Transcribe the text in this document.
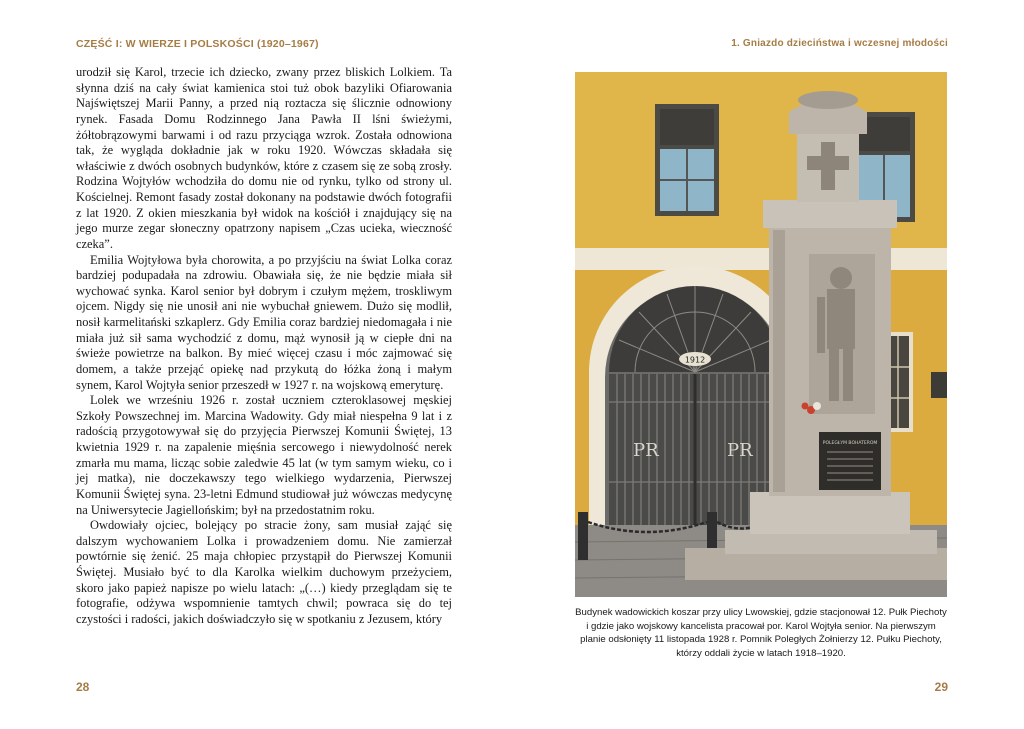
CZĘŚĆ I: W WIERZE I POLSKOŚCI (1920–1967)	1. Gniazdo dzieciństwa i wczesnej młodości

urodził się Karol, trzecie ich dziecko, zwany przez bliskich Lolkiem. Ta słynna dziś na cały świat kamienica stoi tuż obok bazyliki Ofiarowania Najświętszej Marii Panny, a przed nią roztacza się ślicznie odnowiony rynek. Fasada Domu Rodzinnego Jana Pawła II lśni świeżymi, żółtobrązowymi barwami i od razu przyciąga wzrok. Została odnowiona tak, że wygląda dokładnie jak w roku 1920. Wówczas składała się właściwie z dwóch osobnych budynków, które z czasem się ze sobą zrosły. Rodzina Wojtyłów wchodziła do domu nie od rynku, tylko od strony ul. Kościelnej. Remont fasady został dokonany na podstawie dwóch fotografii z lat 1920. Z okien mieszkania był widok na kościół i znajdujący się na jego murze zegar słoneczny opatrzony napisem „Czas ucieka, wieczność czeka”.

Emilia Wojtyłowa była chorowita, a po przyjściu na świat Lolka coraz bardziej podupadała na zdrowiu. Obawiała się, że nie będzie miała sił wychować synka. Karol senior był dobrym i czułym mężem, troskliwym ojcem. Nigdy się nie unosił ani nie wybuchał gniewem. Dużo się modlił, nosił karmelitański szkaplerz. Gdy Emilia coraz bardziej niedomagała i nie miała już sił sama wychodzić z domu, mąż wynosił ją w ciepłe dni na świeże powietrze na balkon. By mieć więcej czasu i móc zajmować się domem, a także przejąć opiekę nad przykutą do łóżka żoną i małym synem, Karol Wojtyła senior przeszedł w 1927 r. na wojskową emeryturę.

Lolek we wrześniu 1926 r. został uczniem czteroklasowej męskiej Szkoły Powszechnej im. Marcina Wadowity. Gdy miał niespełna 9 lat i z radością przygotowywał się do przyjęcia Pierwszej Komunii Świętej, 13 kwietnia 1929 r. na zapalenie mięśnia sercowego i niewydolność nerek zmarła mu mama, licząc sobie zaledwie 45 lat (w tym samym wieku, co i jej matka), nie doczekawszy tego wielkiego wydarzenia, Pierwszej Komunii Świętej syna. 23-letni Edmund studiował już wówczas medycynę na Uniwersytecie Jagiellońskim; był na przedostatnim roku.

Owdowiały ojciec, bolejący po stracie żony, sam musiał zająć się dalszym wychowaniem Lolka i prowadzeniem domu. Nie zamierzał powtórnie się żenić. 25 maja chłopiec przystąpił do Pierwszej Komunii Świętej. Musiało być to dla Karolka wielkim duchowym przeżyciem, skoro jako papież napisze po wielu latach: „(…) kiedy przeglądam się te fotografie, odżywa wspomnienie tamtych chwil; powraca się do tej czystości i radości, jakich doświadczyło się w spotkaniu z Jezusem, który

1912
PR	PR	POLEGŁYM BOHATEROM
Budynek wadowickich koszar przy ulicy Lwowskiej, gdzie stacjonował 12. Pułk Piechoty i gdzie jako wojskowy kancelista pracował por. Karol Wojtyła senior. Na pierwszym planie odsłonięty 11 listopada 1928 r. Pomnik Poległych Żołnierzy 12. Pułku Piechoty, którzy oddali życie w latach 1918–1920.
28	29
